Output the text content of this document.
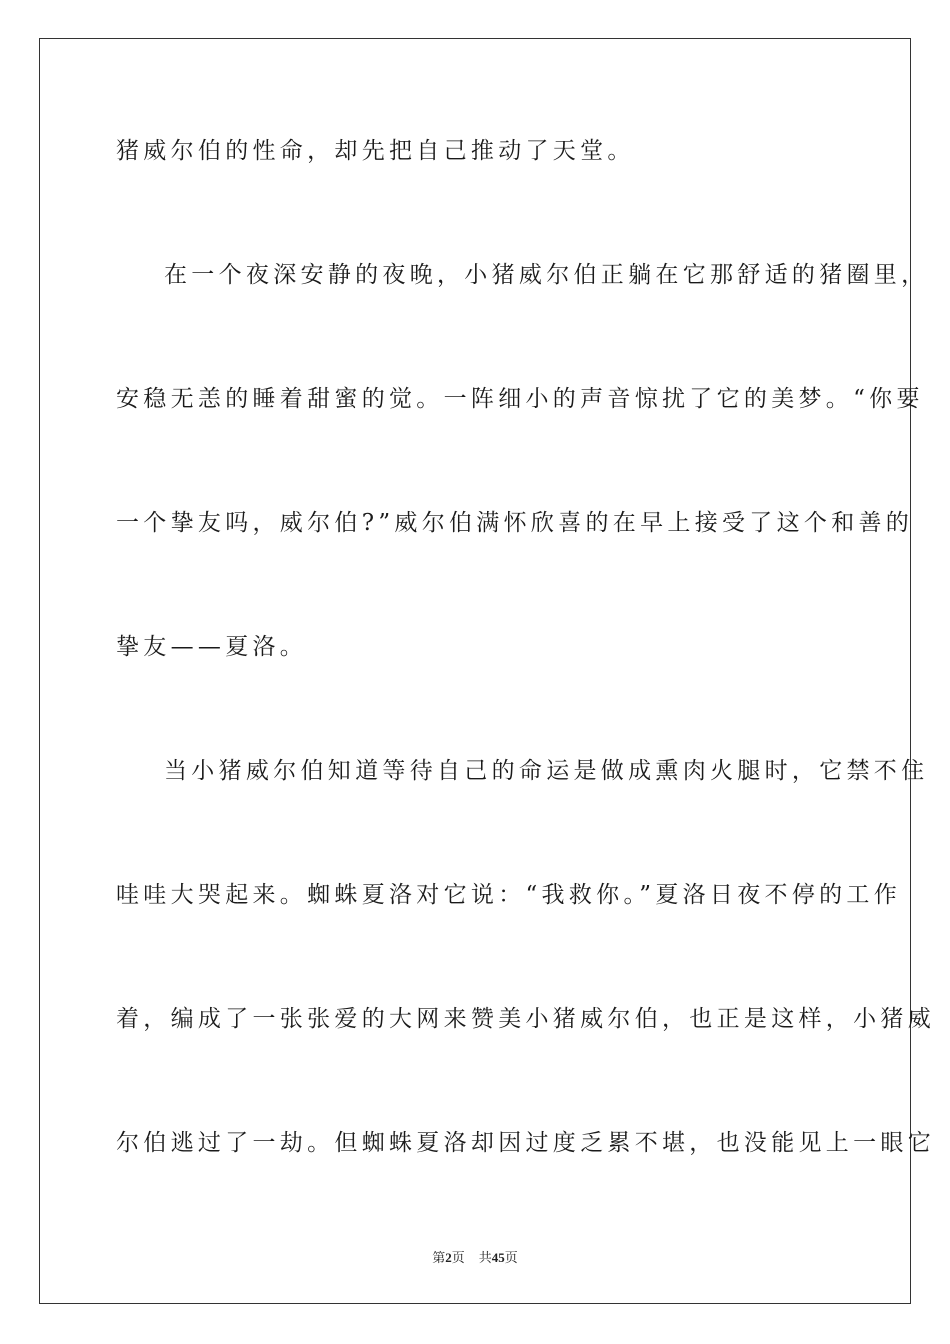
猪威尔伯的性命，却先把自己推动了天堂。
在一个夜深安静的夜晚，小猪威尔伯正躺在它那舒适的猪圈里，
安稳无恙的睡着甜蜜的觉。一阵细小的声音惊扰了它的美梦。“你要
一个挚友吗，威尔伯?”威尔伯满怀欣喜的在早上接受了这个和善的
挚友——夏洛。
当小猪威尔伯知道等待自己的命运是做成熏肉火腿时，它禁不住
哇哇大哭起来。蜘蛛夏洛对它说：“我救你。”夏洛日夜不停的工作
着，编成了一张张爱的大网来赞美小猪威尔伯，也正是这样，小猪威
尔伯逃过了一劫。但蜘蛛夏洛却因过度乏累不堪，也没能见上一眼它
第2页 共45页
